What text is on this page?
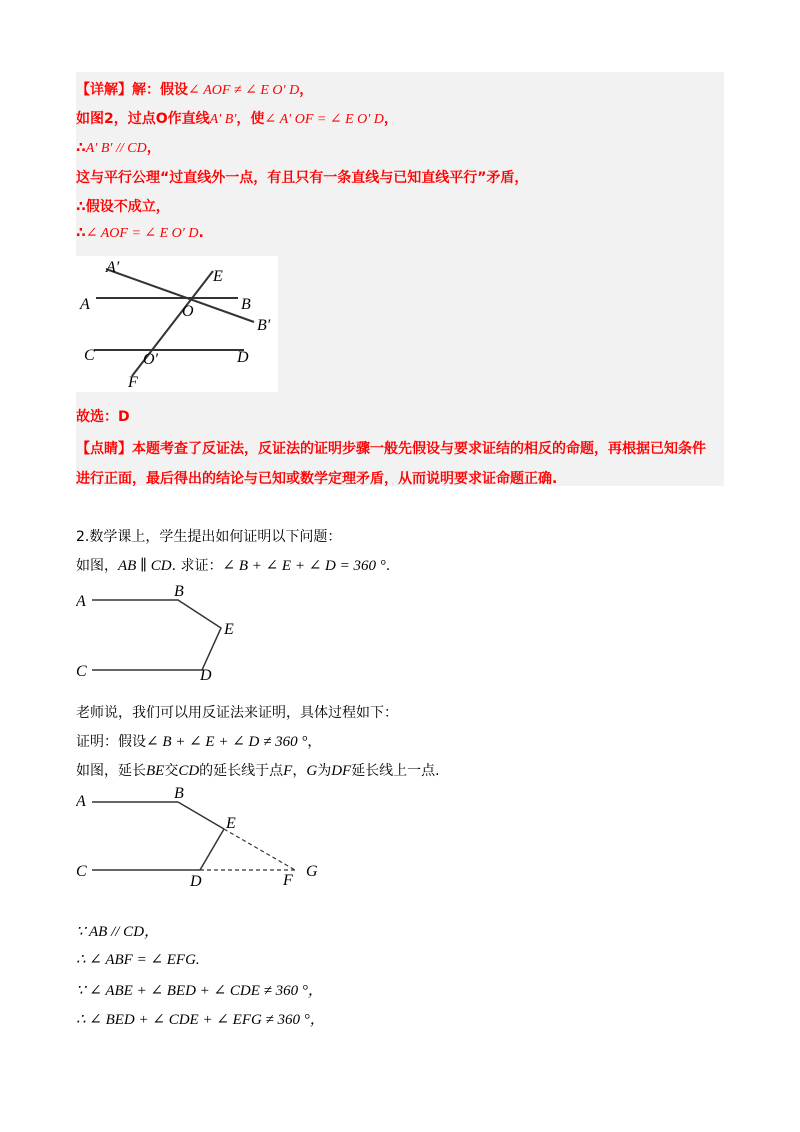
【详解】解：假设∠ AOF ≠ ∠ E O′ D，
如图2，过点O作直线A′ B′，使∠ A′ OF = ∠ E O′ D，
∴A′ B′ // CD，
这与平行公理“过直线外一点，有且只有一条直线与已知直线平行”矛盾，
∴假设不成立，
∴∠ AOF = ∠ E O′ D.
A′
E
A	O	B
B′
C	O′	D
F
故选：D
【点睛】本题考查了反证法，反证法的证明步骤一般先假设与要求证结的相反的命题，再根据已知条件
进行正面，最后得出的结论与已知或数学定理矛盾，从而说明要求证命题正确.
2.数学课上，学生提出如何证明以下问题：
如图，AB ∥ CD. 求证：∠ B + ∠ E + ∠ D = 360 °.
A
B
E
C	D
老师说，我们可以用反证法来证明，具体过程如下：
证明：假设∠ B + ∠ E + ∠ D ≠ 360 °，
如图，延长BE交CD的延长线于点F，G为DF延长线上一点.
A	B
E
C
D	F
G
∵ AB // CD，
∴ ∠ ABF = ∠ EFG.
∵ ∠ ABE + ∠ BED + ∠ CDE ≠ 360 °，
∴ ∠ BED + ∠ CDE + ∠ EFG ≠ 360 °，
